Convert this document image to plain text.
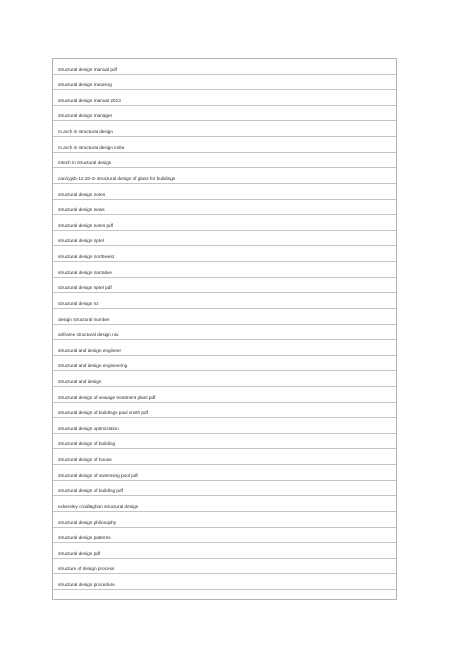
structural design manual pdf
structural design meaning
structural design manual 2013
structural design manager
m.arch in structural design
m.arch in structural design india
mtech in structural design
can/cgsb-12.20-m structural design of glass for buildings
structural design notes
structural design news
structural design notes pdf
structural design nptel
structural design northwest
structural design narrative
structural design nptel pdf
structural design nz
design structural number
airframe structural design niu
structural and design engineer
structural and design engineering
structural and design
structural design of sewage treatment plant pdf
structural design of buildings paul smith pdf
structural design optimization
structural design of building
structural design of house
structural design of swimming pool pdf
structural design of building pdf
eckersley o'callaghan structural design
structural design philosophy
structural design patterns
structural design pdf
structure of design process
structural design procedure
